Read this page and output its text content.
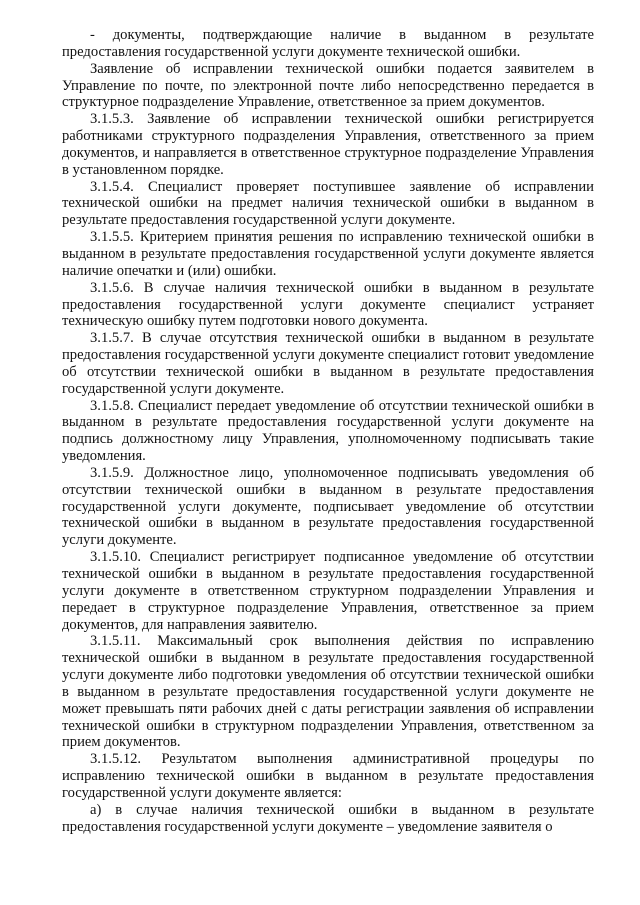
- документы, подтверждающие наличие в выданном в результате предоставления государственной услуги документе технической ошибки.

Заявление об исправлении технической ошибки подается заявителем в Управление по почте, по электронной почте либо непосредственно передается в структурное подразделение Управление, ответственное за прием документов.

3.1.5.3. Заявление об исправлении технической ошибки регистрируется работниками структурного подразделения Управления, ответственного за прием документов, и направляется в ответственное структурное подразделение Управления в установленном порядке.

3.1.5.4. Специалист проверяет поступившее заявление об исправлении технической ошибки на предмет наличия технической ошибки в выданном в результате предоставления государственной услуги документе.

3.1.5.5. Критерием принятия решения по исправлению технической ошибки в выданном в результате предоставления государственной услуги документе является наличие опечатки и (или) ошибки.

3.1.5.6. В случае наличия технической ошибки в выданном в результате предоставления государственной услуги документе специалист устраняет техническую ошибку путем подготовки нового документа.

3.1.5.7. В случае отсутствия технической ошибки в выданном в результате предоставления государственной услуги документе специалист готовит уведомление об отсутствии технической ошибки в выданном в результате предоставления государственной услуги документе.

3.1.5.8. Специалист передает уведомление об отсутствии технической ошибки в выданном в результате предоставления государственной услуги документе на подпись должностному лицу Управления, уполномоченному подписывать такие уведомления.

3.1.5.9. Должностное лицо, уполномоченное подписывать уведомления об отсутствии технической ошибки в выданном в результате предоставления государственной услуги документе, подписывает уведомление об отсутствии технической ошибки в выданном в результате предоставления государственной услуги документе.

3.1.5.10. Специалист регистрирует подписанное уведомление об отсутствии технической ошибки в выданном в результате предоставления государственной услуги документе в ответственном структурном подразделении Управления и передает в структурное подразделение Управления, ответственное за прием документов, для направления заявителю.

3.1.5.11. Максимальный срок выполнения действия по исправлению технической ошибки в выданном в результате предоставления государственной услуги документе либо подготовки уведомления об отсутствии технической ошибки в выданном в результате предоставления государственной услуги документе не может превышать пяти рабочих дней с даты регистрации заявления об исправлении технической ошибки в структурном подразделении Управления, ответственном за прием документов.

3.1.5.12. Результатом выполнения административной процедуры по исправлению технической ошибки в выданном в результате предоставления государственной услуги документе является:

а) в случае наличия технической ошибки в выданном в результате предоставления государственной услуги документе – уведомление заявителя о
